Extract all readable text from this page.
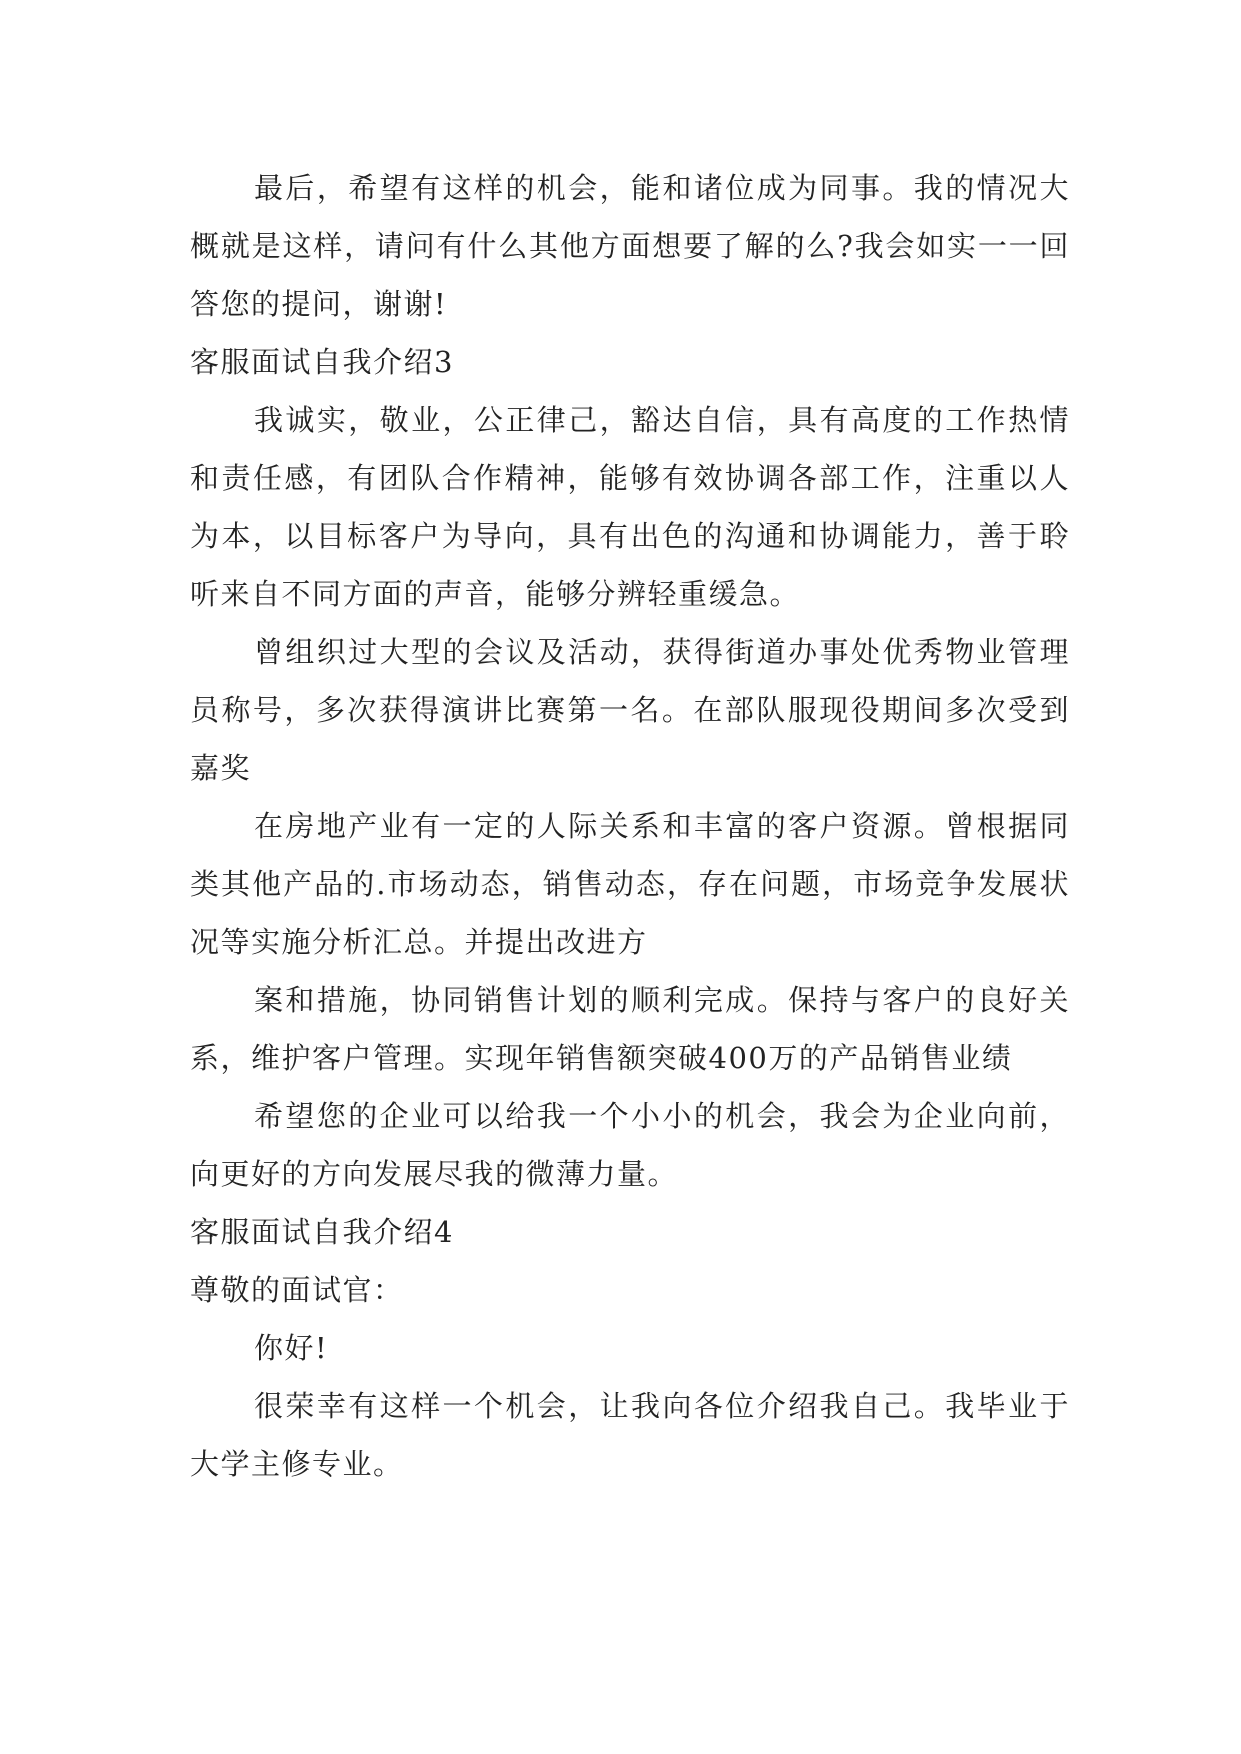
最后，希望有这样的机会，能和诸位成为同事。我的情况大概就是这样，请问有什么其他方面想要了解的么?我会如实一一回答您的提问，谢谢!

客服面试自我介绍3

我诚实，敬业，公正律己，豁达自信，具有高度的工作热情和责任感，有团队合作精神，能够有效协调各部工作，注重以人为本，以目标客户为导向，具有出色的沟通和协调能力，善于聆听来自不同方面的声音，能够分辨轻重缓急。

曾组织过大型的会议及活动，获得街道办事处优秀物业管理员称号，多次获得演讲比赛第一名。在部队服现役期间多次受到嘉奖

在房地产业有一定的人际关系和丰富的客户资源。曾根据同类其他产品的.市场动态，销售动态，存在问题，市场竞争发展状况等实施分析汇总。并提出改进方

案和措施，协同销售计划的顺利完成。保持与客户的良好关系，维护客户管理。实现年销售额突破400万的产品销售业绩

希望您的企业可以给我一个小小的机会，我会为企业向前，向更好的方向发展尽我的微薄力量。

客服面试自我介绍4

尊敬的面试官：

你好!

很荣幸有这样一个机会，让我向各位介绍我自己。我毕业于大学主修专业。
